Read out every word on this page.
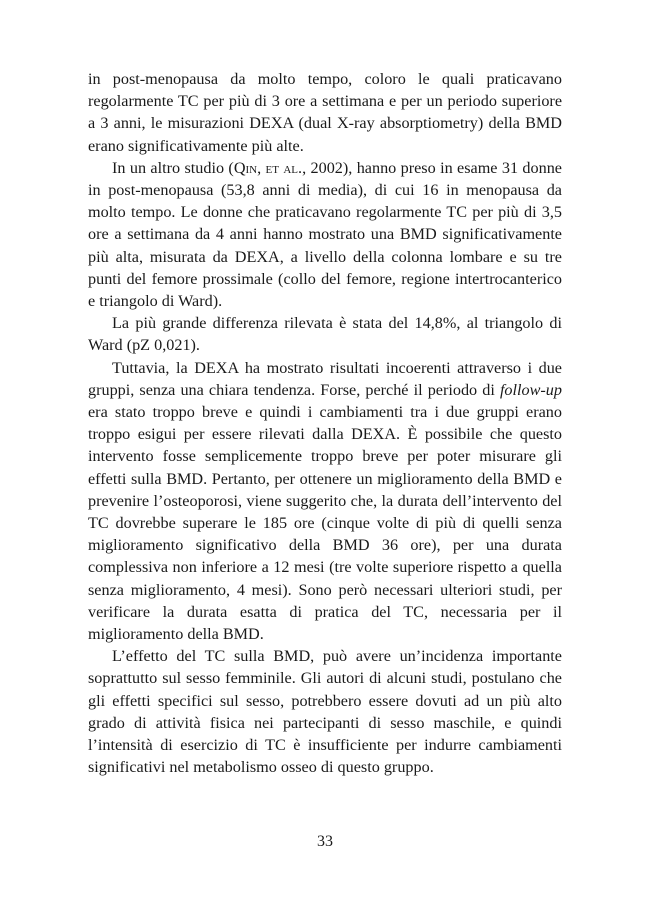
in post-menopausa da molto tempo, coloro le quali praticavano regolarmente TC per più di 3 ore a settimana e per un periodo superiore a 3 anni, le misurazioni DEXA (dual X-ray absorptiometry) della BMD erano significativamente più alte.

In un altro studio (Qin, et al., 2002), hanno preso in esame 31 donne in post-menopausa (53,8 anni di media), di cui 16 in menopausa da molto tempo. Le donne che praticavano regolarmente TC per più di 3,5 ore a settimana da 4 anni hanno mostrato una BMD significativamente più alta, misurata da DEXA, a livello della colonna lombare e su tre punti del femore prossimale (collo del femore, regione intertrocanterico e triangolo di Ward).

La più grande differenza rilevata è stata del 14,8%, al triangolo di Ward (pZ 0,021).

Tuttavia, la DEXA ha mostrato risultati incoerenti attraverso i due gruppi, senza una chiara tendenza. Forse, perché il periodo di follow-up era stato troppo breve e quindi i cambiamenti tra i due gruppi erano troppo esigui per essere rilevati dalla DEXA. È possibile che questo intervento fosse semplicemente troppo breve per poter misurare gli effetti sulla BMD. Pertanto, per ottenere un miglioramento della BMD e prevenire l’osteoporosi, viene suggerito che, la durata dell’intervento del TC dovrebbe superare le 185 ore (cinque volte di più di quelli senza miglioramento significativo della BMD 36 ore), per una durata complessiva non inferiore a 12 mesi (tre volte superiore rispetto a quella senza miglioramento, 4 mesi). Sono però necessari ulteriori studi, per verificare la durata esatta di pratica del TC, necessaria per il miglioramento della BMD.

L’effetto del TC sulla BMD, può avere un’incidenza importante soprattutto sul sesso femminile. Gli autori di alcuni studi, postulano che gli effetti specifici sul sesso, potrebbero essere dovuti ad un più alto grado di attività fisica nei partecipanti di sesso maschile, e quindi l’intensità di esercizio di TC è insufficiente per indurre cambiamenti significativi nel metabolismo osseo di questo gruppo.

33
